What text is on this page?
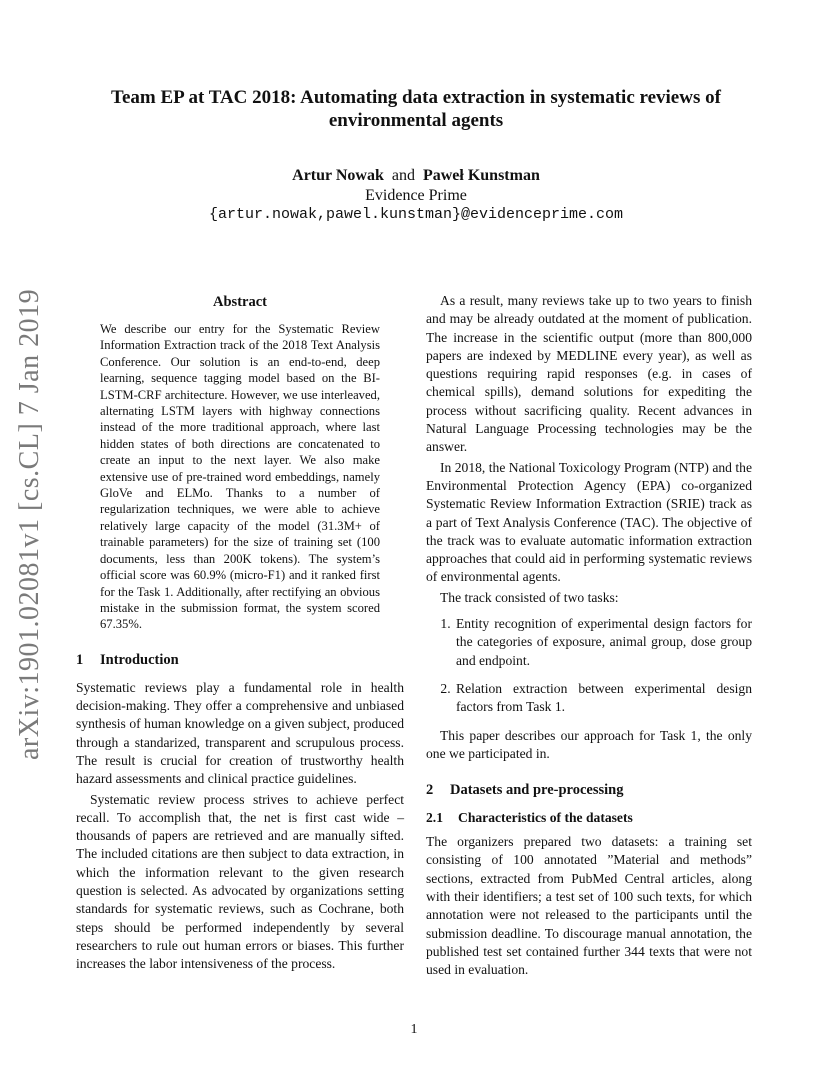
arXiv:1901.02081v1 [cs.CL] 7 Jan 2019
Team EP at TAC 2018: Automating data extraction in systematic reviews of environmental agents
Artur Nowak and Paweł Kunstman
Evidence Prime
{artur.nowak,pawel.kunstman}@evidenceprime.com
Abstract
We describe our entry for the Systematic Review Information Extraction track of the 2018 Text Analysis Conference. Our solution is an end-to-end, deep learning, sequence tagging model based on the BI-LSTM-CRF architecture. However, we use interleaved, alternating LSTM layers with highway connections instead of the more traditional approach, where last hidden states of both directions are concatenated to create an input to the next layer. We also make extensive use of pre-trained word embeddings, namely GloVe and ELMo. Thanks to a number of regularization techniques, we were able to achieve relatively large capacity of the model (31.3M+ of trainable parameters) for the size of training set (100 documents, less than 200K tokens). The system’s official score was 60.9% (micro-F1) and it ranked first for the Task 1. Additionally, after rectifying an obvious mistake in the submission format, the system scored 67.35%.
1 Introduction

Systematic reviews play a fundamental role in health decision-making. They offer a comprehensive and unbiased synthesis of human knowledge on a given subject, produced through a standarized, transparent and scrupulous process. The result is crucial for creation of trustworthy health hazard assessments and clinical practice guidelines.

Systematic review process strives to achieve perfect recall. To accomplish that, the net is first cast wide – thousands of papers are retrieved and are manually sifted. The included citations are then subject to data extraction, in which the information relevant to the given research question is selected. As advocated by organizations setting standards for systematic reviews, such as Cochrane, both steps should be performed independently by several researchers to rule out human errors or biases. This further increases the labor intensiveness of the process.

As a result, many reviews take up to two years to finish and may be already outdated at the moment of publication. The increase in the scientific output (more than 800,000 papers are indexed by MEDLINE every year), as well as questions requiring rapid responses (e.g. in cases of chemical spills), demand solutions for expediting the process without sacrificing quality. Recent advances in Natural Language Processing technologies may be the answer.

In 2018, the National Toxicology Program (NTP) and the Environmental Protection Agency (EPA) co-organized Systematic Review Information Extraction (SRIE) track as a part of Text Analysis Conference (TAC). The objective of the track was to evaluate automatic information extraction approaches that could aid in performing systematic reviews of environmental agents.

The track consisted of two tasks:

1. Entity recognition of experimental design factors for the categories of exposure, animal group, dose group and endpoint.
2. Relation extraction between experimental design factors from Task 1.

This paper describes our approach for Task 1, the only one we participated in.

2 Datasets and pre-processing
2.1 Characteristics of the datasets

The organizers prepared two datasets: a training set consisting of 100 annotated ”Material and methods” sections, extracted from PubMed Central articles, along with their identifiers; a test set of 100 such texts, for which annotation were not released to the participants until the submission deadline. To discourage manual annotation, the published test set contained further 344 texts that were not used in evaluation.

1
